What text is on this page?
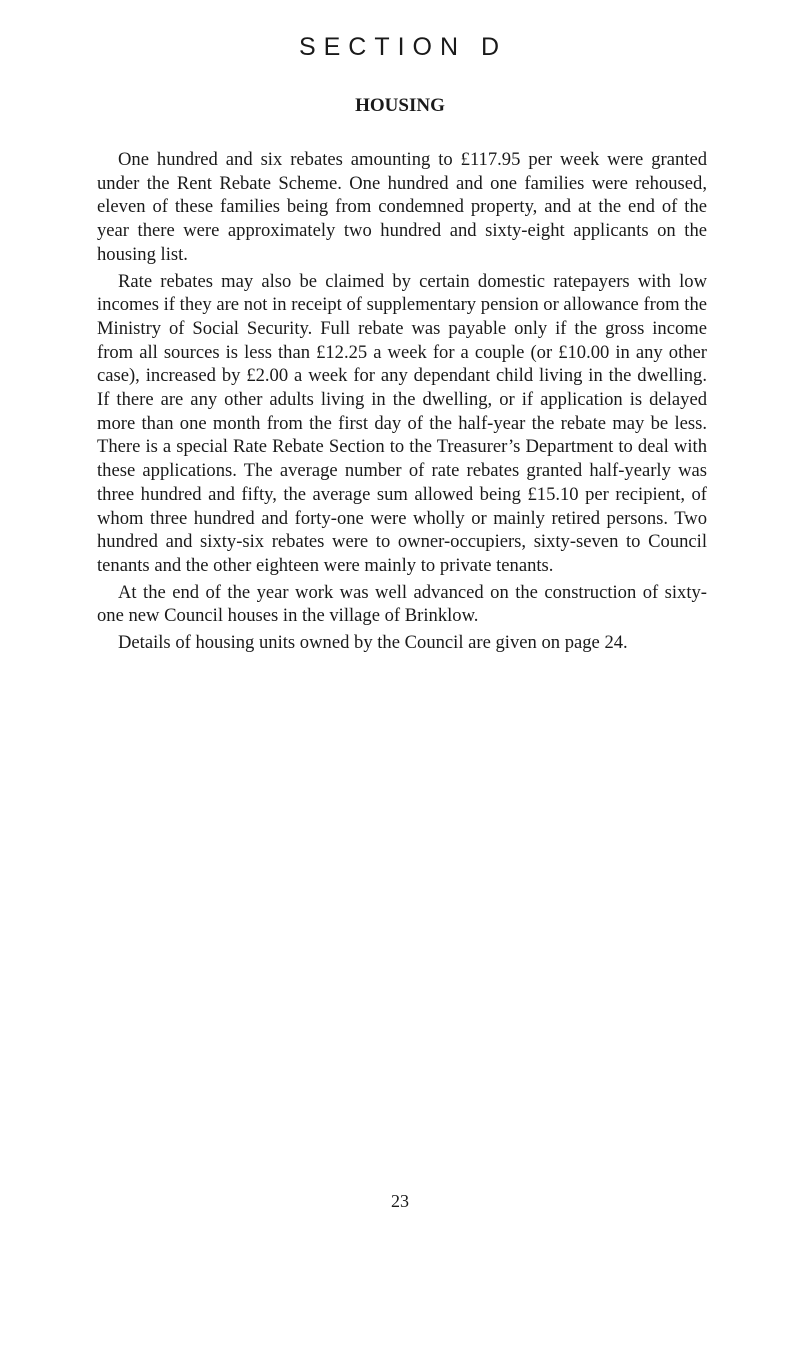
SECTION D
HOUSING

One hundred and six rebates amounting to £117.95 per week were granted under the Rent Rebate Scheme. One hundred and one families were rehoused, eleven of these families being from condemned property, and at the end of the year there were approximately two hundred and sixty-eight applicants on the housing list.

Rate rebates may also be claimed by certain domestic ratepayers with low incomes if they are not in receipt of supplementary pension or allowance from the Ministry of Social Security. Full rebate was payable only if the gross income from all sources is less than £12.25 a week for a couple (or £10.00 in any other case), increased by £2.00 a week for any dependant child living in the dwelling. If there are any other adults living in the dwelling, or if application is delayed more than one month from the first day of the half-year the rebate may be less. There is a special Rate Rebate Section to the Treasurer’s Department to deal with these applications. The average number of rate rebates granted half-yearly was three hundred and fifty, the average sum allowed being £15.10 per recipient, of whom three hundred and forty-one were wholly or mainly retired persons. Two hundred and sixty-six rebates were to owner-occupiers, sixty-seven to Council tenants and the other eighteen were mainly to private tenants.

At the end of the year work was well advanced on the construction of sixty-one new Council houses in the village of Brinklow.

Details of housing units owned by the Council are given on page 24.

23
